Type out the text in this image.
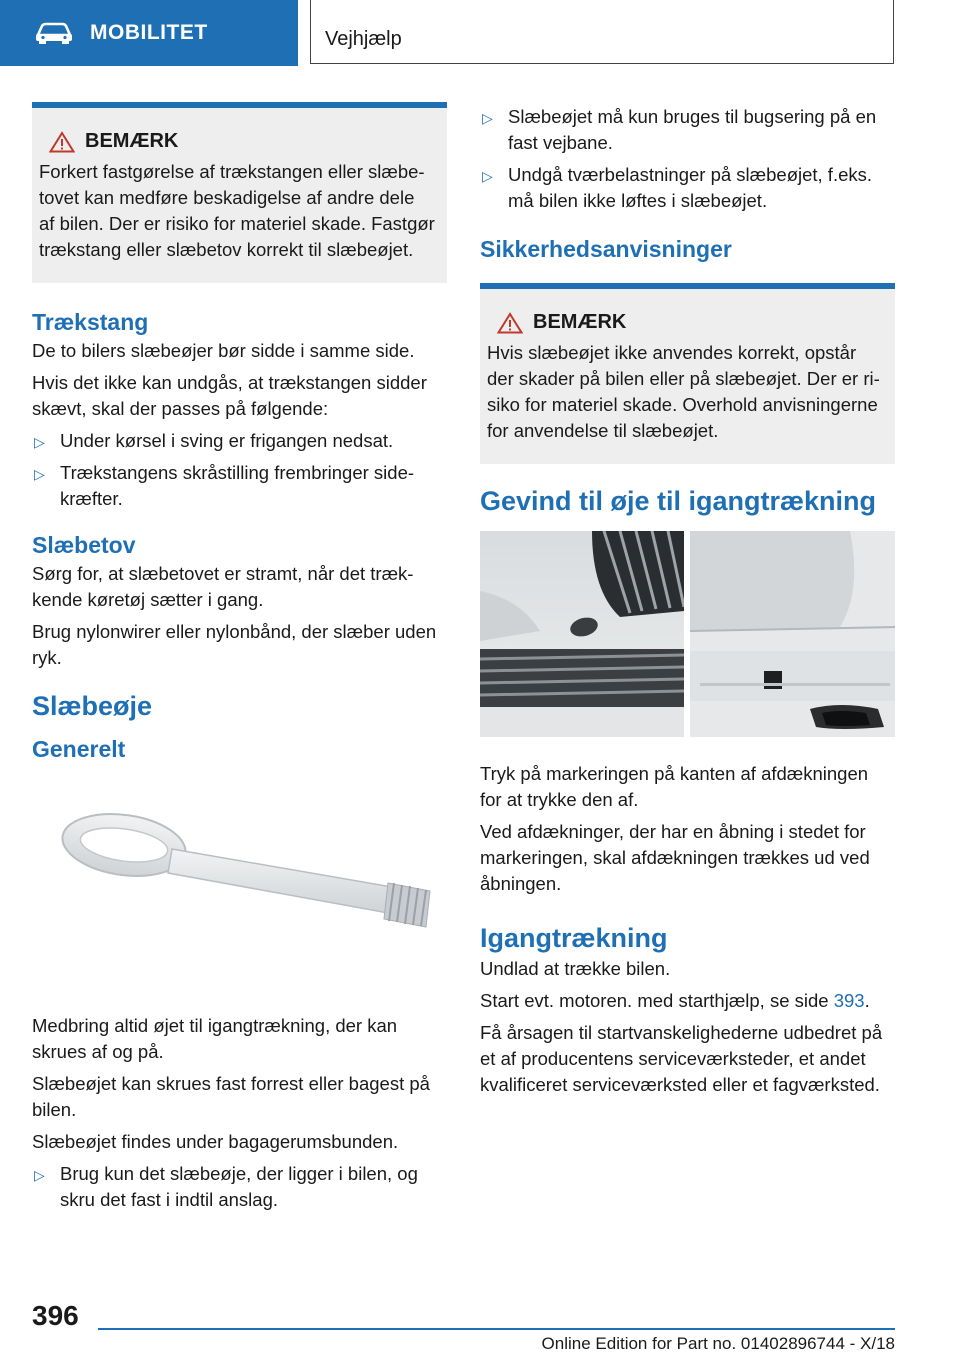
MOBILITET	Vejhjælp
BEMÆRK
Forkert fastgørelse af trækstangen eller slæbe-
tovet kan medføre beskadigelse af andre dele
af bilen. Der er risiko for materiel skade. Fastgør
trækstang eller slæbetov korrekt til slæbeøjet.
Trækstang

De to bilers slæbeøjer bør sidde i samme side.

Hvis det ikke kan undgås, at trækstangen sidder
skævt, skal der passes på følgende:

▷ Under kørsel i sving er frigangen nedsat.
▷ Trækstangens skråstilling frembringer side-
kræfter.
Slæbetov

Sørg for, at slæbetovet er stramt, når det træk-
kende køretøj sætter i gang.

Brug nylonwirer eller nylonbånd, der slæber uden
ryk.

Slæbeøje
Generelt

Medbring altid øjet til igangtrækning, der kan
skrues af og på.

Slæbeøjet kan skrues fast forrest eller bagest på
bilen.

Slæbeøjet findes under bagagerumsbunden.

▷ Brug kun det slæbeøje, der ligger i bilen, og
skru det fast i indtil anslag.
▷ Slæbeøjet må kun bruges til bugsering på en
fast vejbane.
▷ Undgå tværbelastninger på slæbeøjet, f.eks.
må bilen ikke løftes i slæbeøjet.
Sikkerhedsanvisninger
BEMÆRK
Hvis slæbeøjet ikke anvendes korrekt, opstår
der skader på bilen eller på slæbeøjet. Der er ri-
siko for materiel skade. Overhold anvisningerne
for anvendelse til slæbeøjet.
Gevind til øje til igangtrækning

Tryk på markeringen på kanten af afdækningen
for at trykke den af.

Ved afdækninger, der har en åbning i stedet for
markeringen, skal afdækningen trækkes ud ved
åbningen.

Igangtrækning

Undlad at trække bilen.

Start evt. motoren. med starthjælp, se side 393.

Få årsagen til startvanskelighederne udbedret på
et af producentens serviceværksteder, et andet
kvalificeret serviceværksted eller et fagværksted.

396
Online Edition for Part no. 01402896744 - X/18
